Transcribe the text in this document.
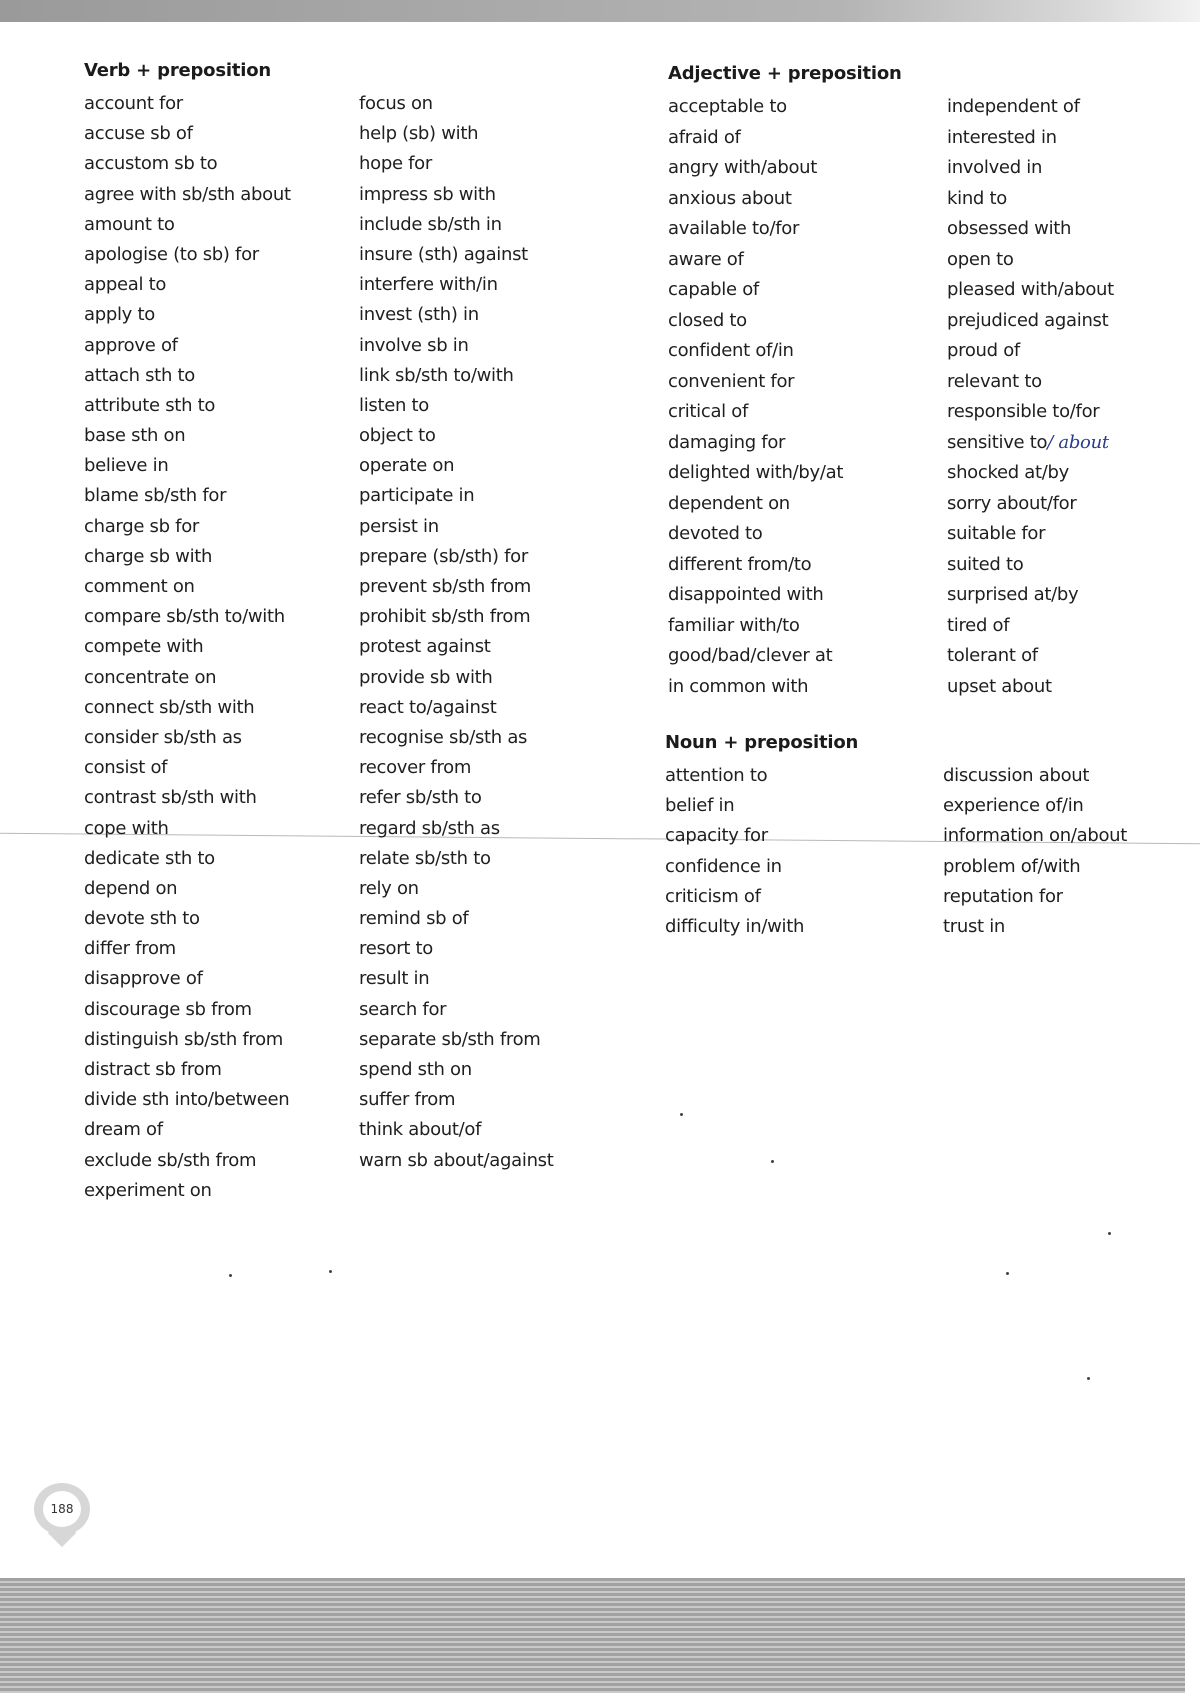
Verb + preposition
account for
accuse sb of
accustom sb to
agree with sb/sth about
amount to
apologise (to sb) for
appeal to
apply to
approve of
attach sth to
attribute sth to
base sth on
believe in
blame sb/sth for
charge sb for
charge sb with
comment on
compare sb/sth to/with
compete with
concentrate on
connect sb/sth with
consider sb/sth as
consist of
contrast sb/sth with
cope with
dedicate sth to
depend on
devote sth to
differ from
disapprove of
discourage sb from
distinguish sb/sth from
distract sb from
divide sth into/between
dream of
exclude sb/sth from
experiment on
focus on
help (sb) with
hope for
impress sb with
include sb/sth in
insure (sth) against
interfere with/in
invest (sth) in
involve sb in
link sb/sth to/with
listen to
object to
operate on
participate in
persist in
prepare (sb/sth) for
prevent sb/sth from
prohibit sb/sth from
protest against
provide sb with
react to/against
recognise sb/sth as
recover from
refer sb/sth to
regard sb/sth as
relate sb/sth to
rely on
remind sb of
resort to
result in
search for
separate sb/sth from
spend sth on
suffer from
think about/of
warn sb about/against
Adjective + preposition
acceptable to
afraid of
angry with/about
anxious about
available to/for
aware of
capable of
closed to
confident of/in
convenient for
critical of
damaging for
delighted with/by/at
dependent on
devoted to
different from/to
disappointed with
familiar with/to
good/bad/clever at
in common with
independent of
interested in
involved in
kind to
obsessed with
open to
pleased with/about
prejudiced against
proud of
relevant to
responsible to/for
sensitive to/ about
shocked at/by
sorry about/for
suitable for
suited to
surprised at/by
tired of
tolerant of
upset about
Noun + preposition
attention to
belief in
capacity for
confidence in
criticism of
difficulty in/with
discussion about
experience of/in
information on/about
problem of/with
reputation for
trust in
188
